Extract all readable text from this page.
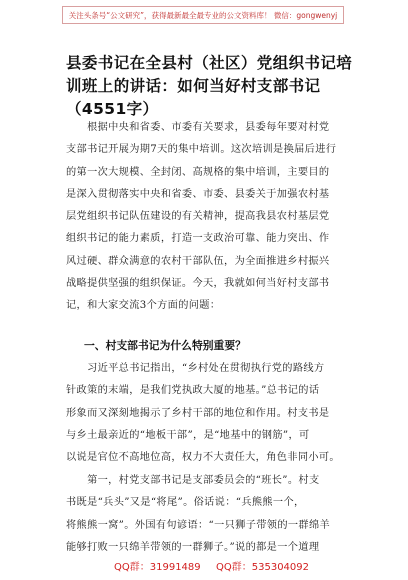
关注头条号“公文研究”，获得最新最全最专业的公文资料库！ 微信：gongwenyj
县委书记在全县村（社区）党组织书记培
训班上的讲话：如何当好村支部书记
（4551字）
　　根据中央和省委、市委有关要求，县委每年要对村党
支部书记开展为期7天的集中培训。这次培训是换届后进行
的第一次大规模、全封闭、高规格的集中培训，主要目的
是深入贯彻落实中央和省委、市委、县委关于加强农村基
层党组织书记队伍建设的有关精神，提高我县农村基层党
组织书记的能力素质，打造一支政治可靠、能力突出、作
风过硬、群众满意的农村干部队伍，为全面推进乡村振兴
战略提供坚强的组织保证。今天，我就如何当好村支部书
记，和大家交流3个方面的问题：
一、村支部书记为什么特别重要？
　　习近平总书记指出，“乡村处在贯彻执行党的路线方
针政策的末端，是我们党执政大厦的地基。”总书记的话
形象而又深刻地揭示了乡村干部的地位和作用。村支书是
与乡土最亲近的“地板干部”，是“地基中的钢筋”，可
以说是官位不高地位高，权力不大责任大，角色非同小可。
　　第一，村党支部书记是支部委员会的“班长”。村支
书既是“兵头”又是“将尾”。俗话说：“兵熊熊一个，
将熊熊一窝”。外国有句谚语：“一只狮子带领的一群绵羊
能够打败一只绵羊带领的一群狮子。”说的都是一个道理
QQ群：31991489 QQ群：535304092
